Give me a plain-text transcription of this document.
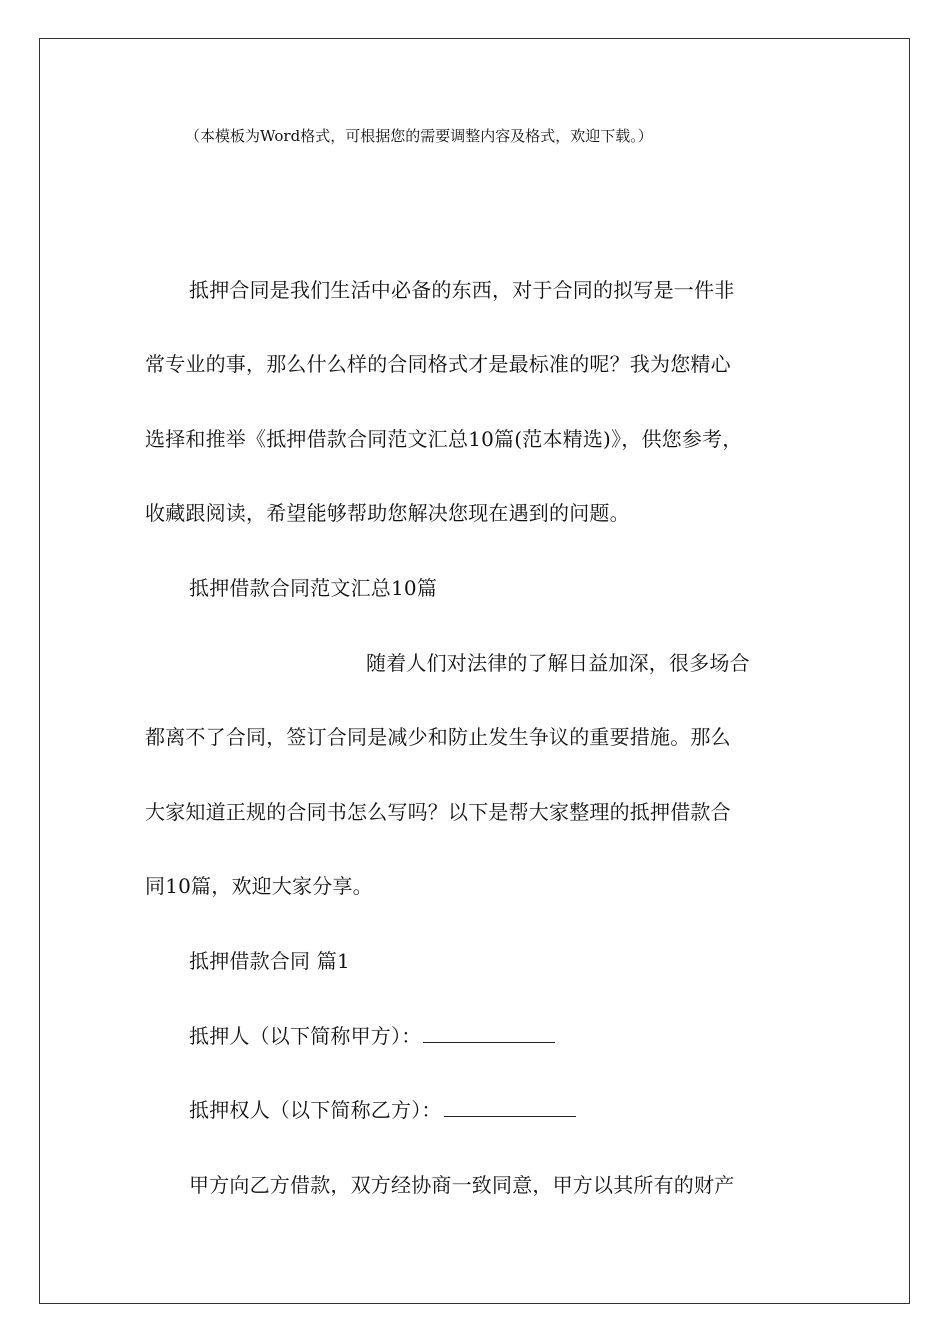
（本模板为Word格式，可根据您的需要调整内容及格式，欢迎下载。）
抵押合同是我们生活中必备的东西，对于合同的拟写是一件非
常专业的事，那么什么样的合同格式才是最标准的呢？我为您精心
选择和推举《抵押借款合同范文汇总10篇(范本精选)》，供您参考，
收藏跟阅读，希望能够帮助您解决您现在遇到的问题。
抵押借款合同范文汇总10篇
随着人们对法律的了解日益加深，很多场合
都离不了合同，签订合同是减少和防止发生争议的重要措施。那么
大家知道正规的合同书怎么写吗？以下是帮大家整理的抵押借款合
同10篇，欢迎大家分享。
抵押借款合同 篇1
抵押人（以下简称甲方）：
抵押权人（以下简称乙方）：
甲方向乙方借款，双方经协商一致同意，甲方以其所有的财产
